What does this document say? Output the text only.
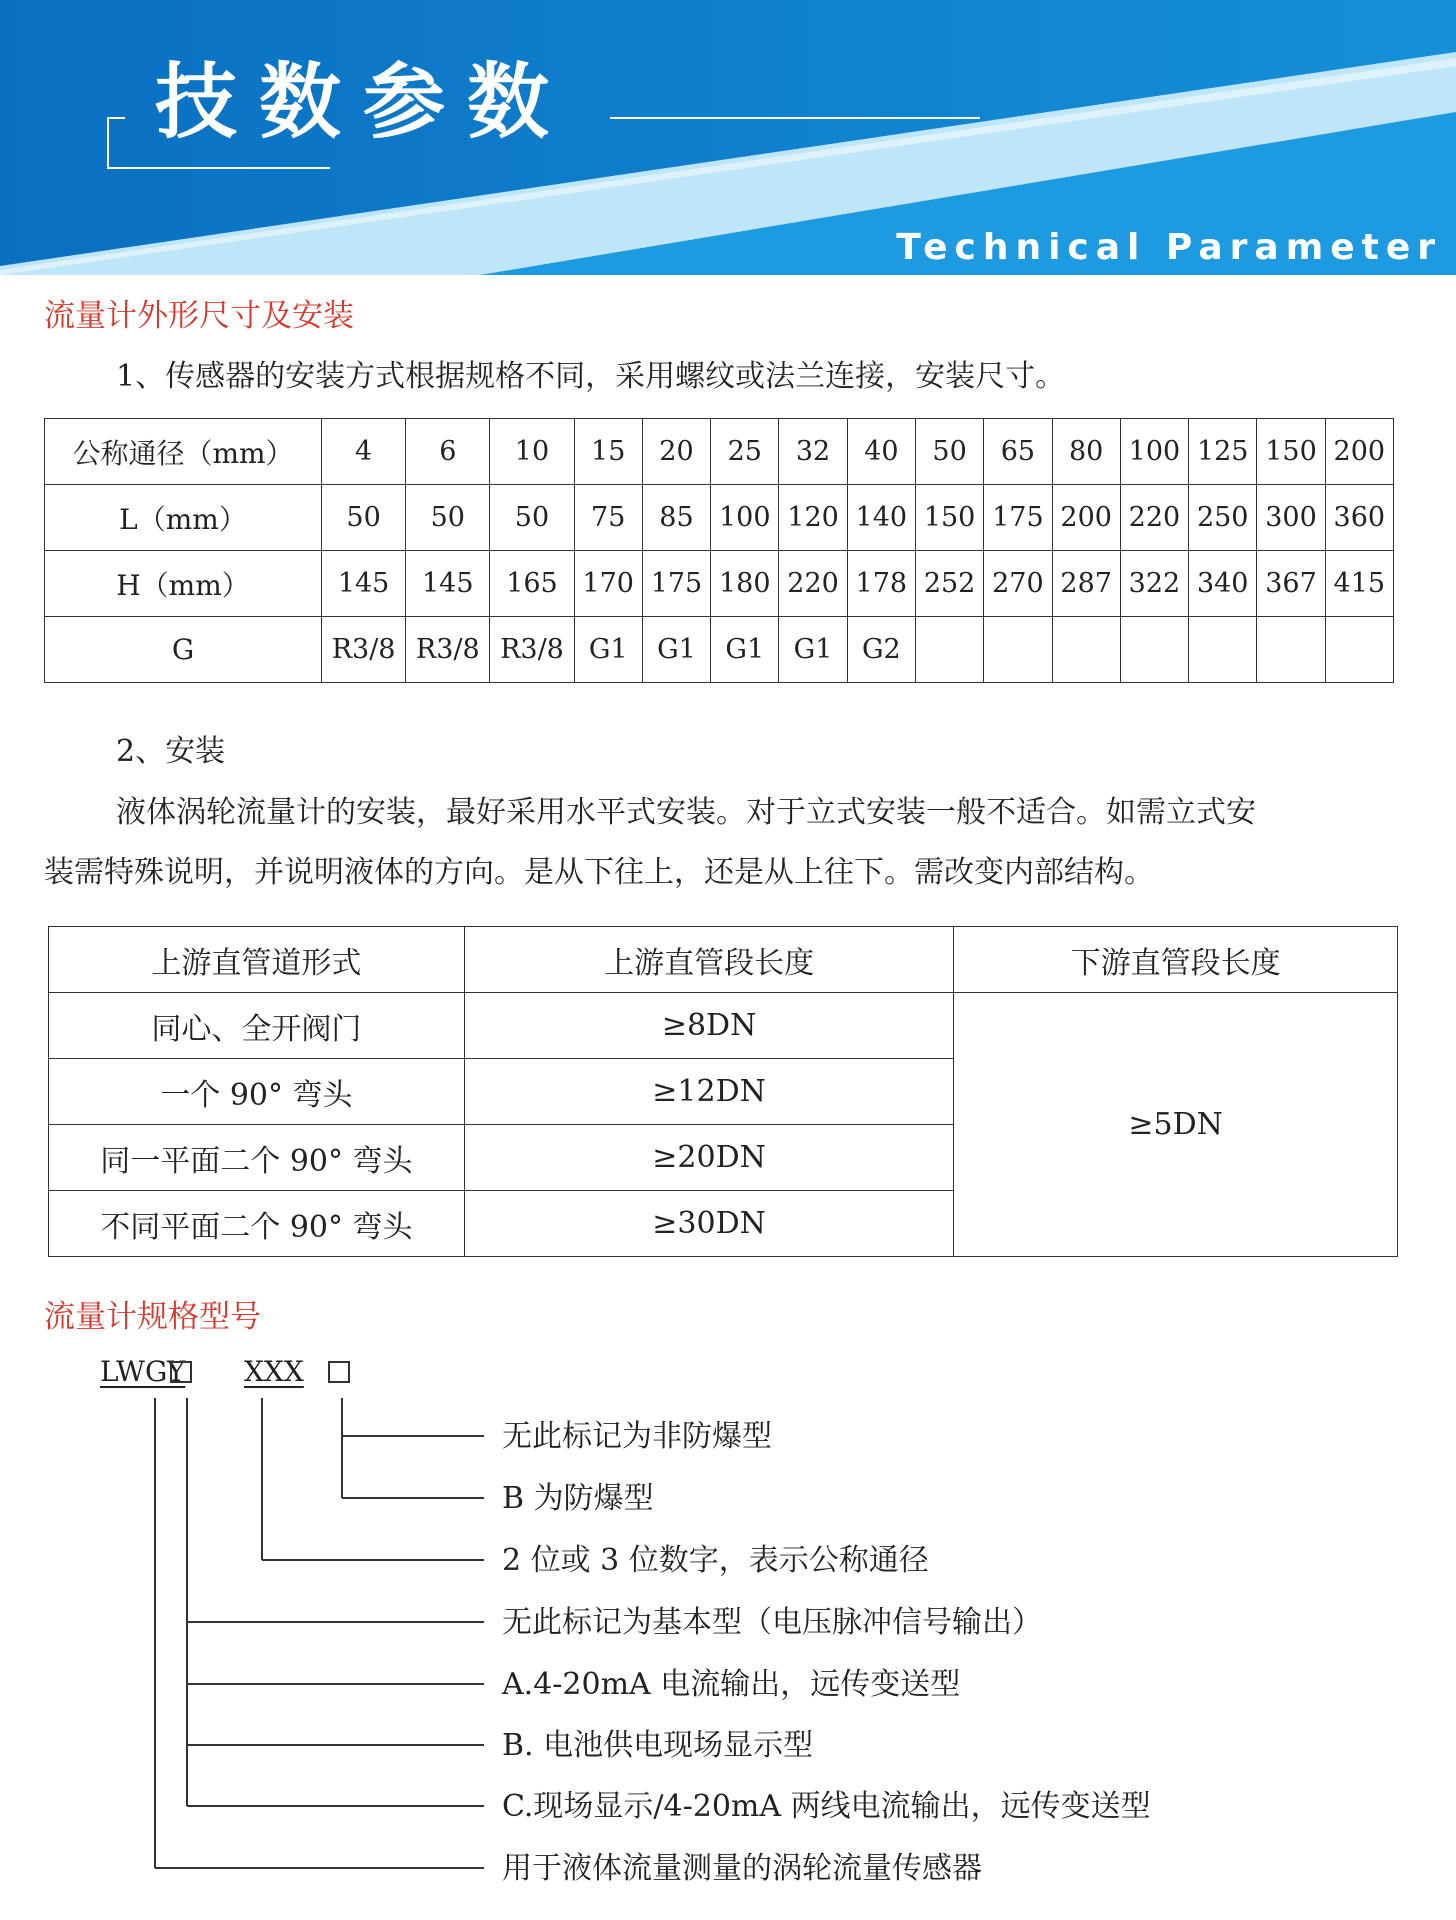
技数参数
Technical Parameter
流量计外形尺寸及安装
1、传感器的安装方式根据规格不同，采用螺纹或法兰连接，安装尺寸。
公称通径（mm）	4	6	10	15	20	25	32	40	50	65	80	100	125	150	200
L（mm）	50	50	50	75	85	100	120	140	150	175	200	220	250	300	360
H（mm）	145	145	165	170	175	180	220	178	252	270	287	322	340	367	415
G	R3/8	R3/8	R3/8	G1	G1	G1	G1	G2							
2、安装
液体涡轮流量计的安装，最好采用水平式安装。对于立式安装一般不适合。如需立式安
装需特殊说明，并说明液体的方向。是从下往上，还是从上往下。需改变内部结构。
上游直管道形式	上游直管段长度	下游直管段长度
同心、全开阀门	≥8DN	≥5DN
一个 90° 弯头	≥12DN	
同一平面二个 90° 弯头	≥20DN	
不同平面二个 90° 弯头	≥30DN	
流量计规格型号
LWGY XXX
无此标记为非防爆型
B 为防爆型
2 位或 3 位数字，表示公称通径
无此标记为基本型（电压脉冲信号输出）
A.4-20mA 电流输出，远传变送型
B. 电池供电现场显示型
C.现场显示/4-20mA 两线电流输出，远传变送型
用于液体流量测量的涡轮流量传感器
